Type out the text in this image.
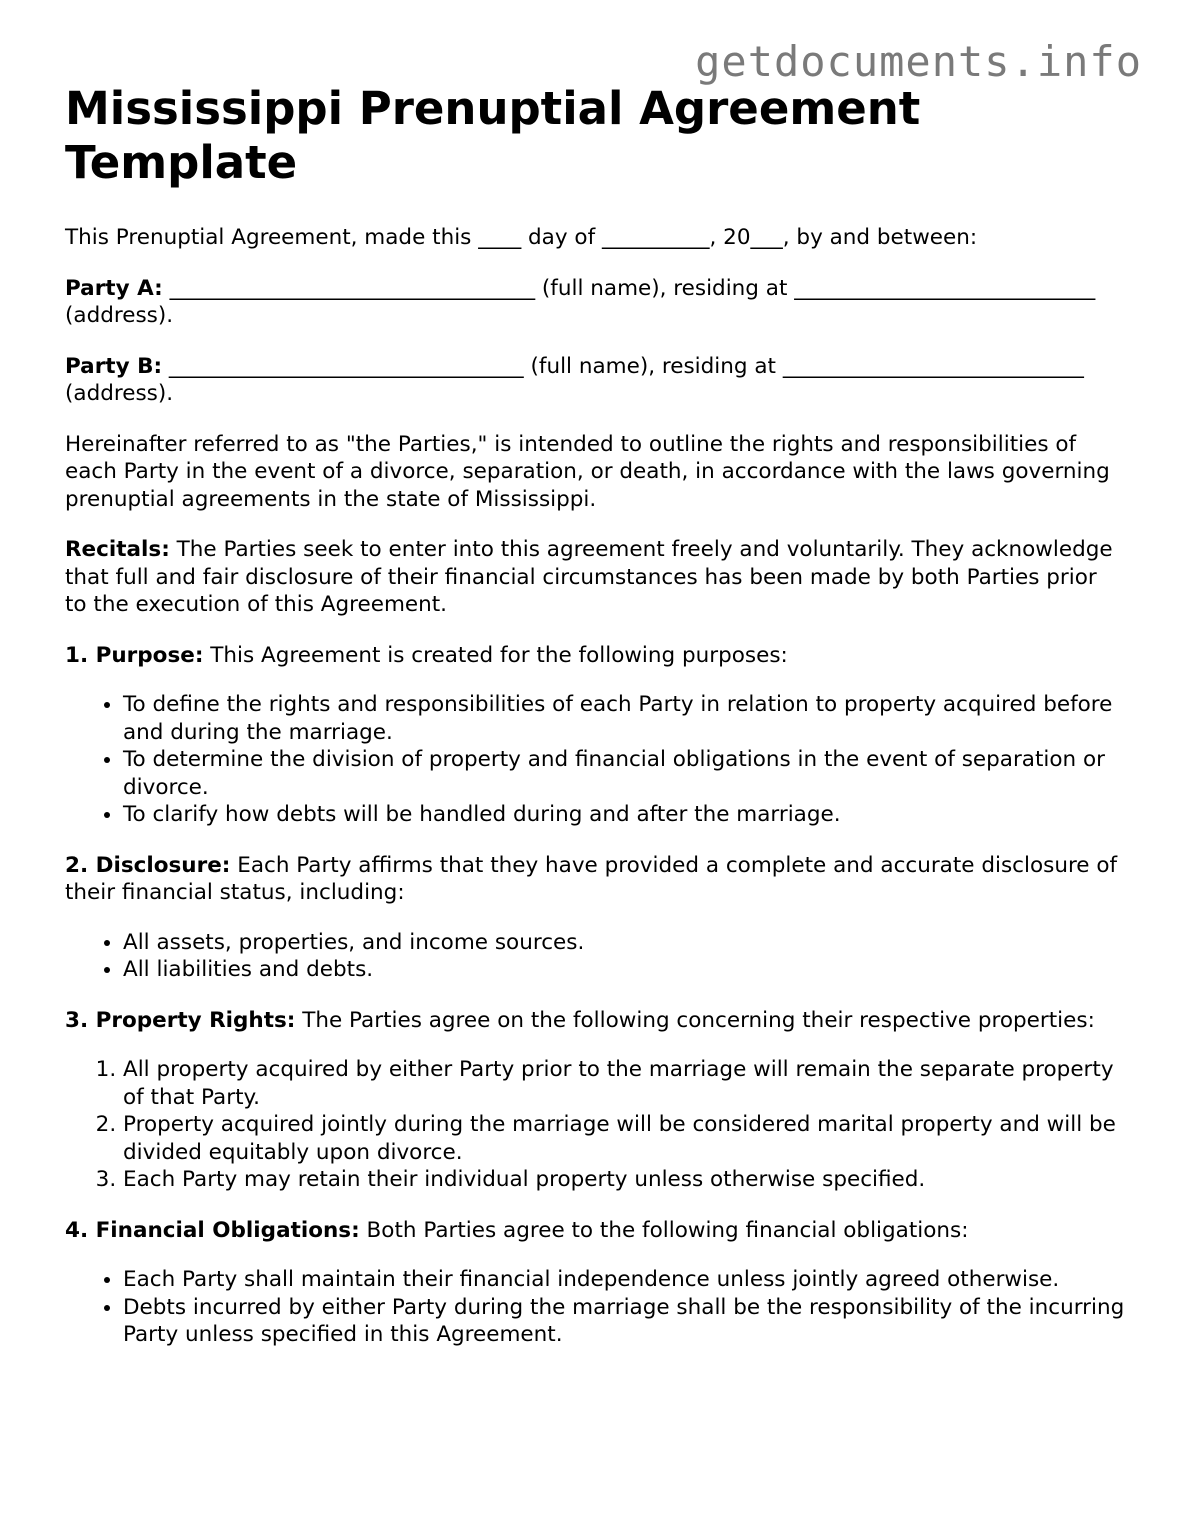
getdocuments.info
Mississippi Prenuptial Agreement Template

This Prenuptial Agreement, made this ____ day of __________, 20___, by and between:

Party A: __________________________________ (full name), residing at ____________________________ (address).

Party B: _________________________________ (full name), residing at ____________________________ (address).

Hereinafter referred to as "the Parties," is intended to outline the rights and responsibilities of each Party in the event of a divorce, separation, or death, in accordance with the laws governing prenuptial agreements in the state of Mississippi.

Recitals: The Parties seek to enter into this agreement freely and voluntarily. They acknowledge that full and fair disclosure of their financial circumstances has been made by both Parties prior to the execution of this Agreement.

1. Purpose: This Agreement is created for the following purposes:

• To define the rights and responsibilities of each Party in relation to property acquired before and during the marriage.
• To determine the division of property and financial obligations in the event of separation or divorce.
• To clarify how debts will be handled during and after the marriage.

2. Disclosure: Each Party affirms that they have provided a complete and accurate disclosure of their financial status, including:

• All assets, properties, and income sources.
• All liabilities and debts.

3. Property Rights: The Parties agree on the following concerning their respective properties:

1. All property acquired by either Party prior to the marriage will remain the separate property of that Party.
2. Property acquired jointly during the marriage will be considered marital property and will be divided equitably upon divorce.
3. Each Party may retain their individual property unless otherwise specified.

4. Financial Obligations: Both Parties agree to the following financial obligations:

• Each Party shall maintain their financial independence unless jointly agreed otherwise.
• Debts incurred by either Party during the marriage shall be the responsibility of the incurring Party unless specified in this Agreement.
